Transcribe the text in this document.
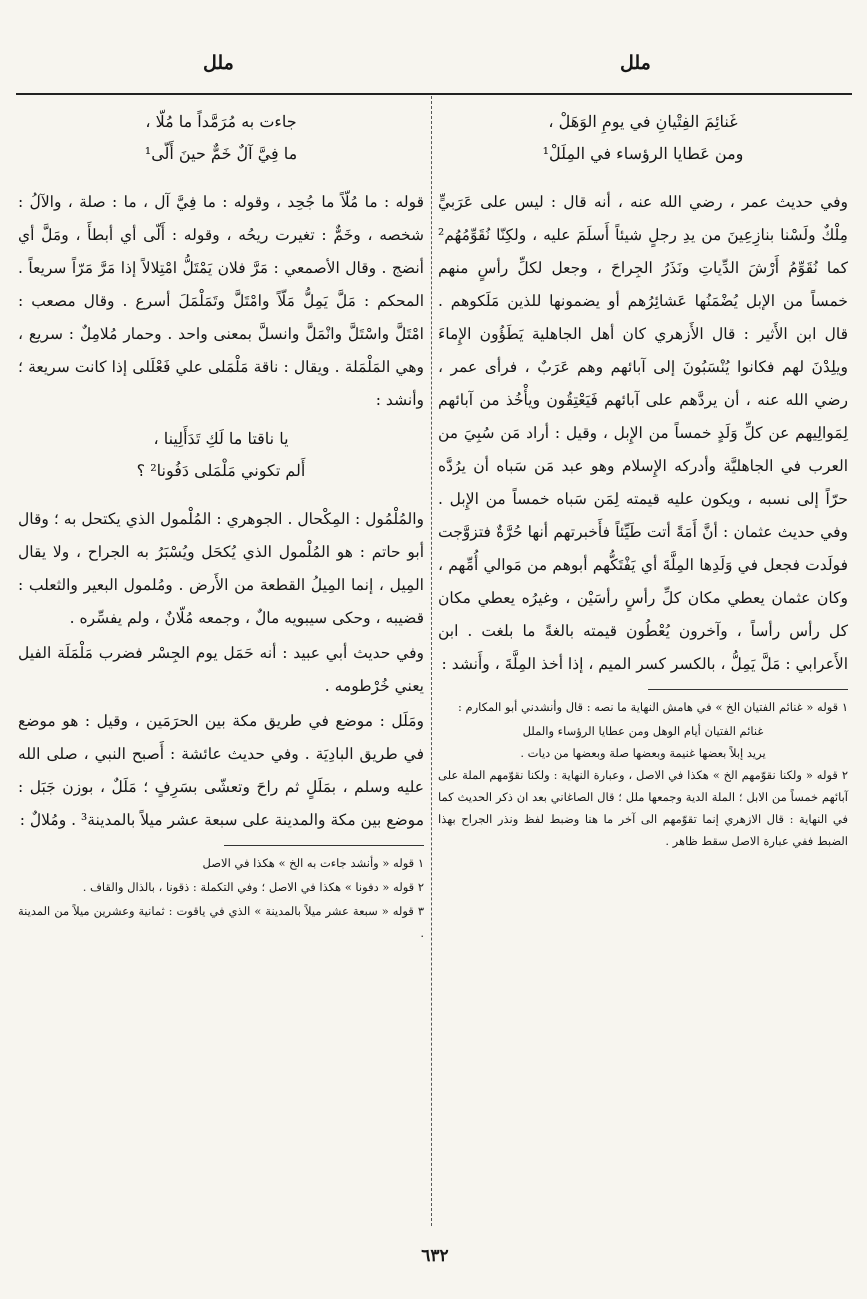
ملل
ملل
غَنائِمَ الفِتْيانِ في يومِ الوَهَلْ ،
ومن عَطايا الرؤساء في المِلَلْ¹

وفي حديث عمر ، رضي الله عنه ، أنه قال : ليس على عَرَبيٍّ مِلْكٌ ولَسْنا بنازِعِينَ من يدِ رجلٍ شيئاً أَسلَمَ عليه ، ولكِنّا نُقَوِّمُهُم² كما نُقَوِّمُ أَرْشَ الدِّياتِ ونَذَرُ الجِراحَ ، وجعل لكلِّ رأسٍ منهم خمساً من الإبل يُضْمَنُها عَشائِرُهم أو يضمونها للذين مَلَكوهم . قال ابن الأَثير : قال الأَزهري كان أهل الجاهلية يَطَؤُون الإِماءَ ويلِدْنَ لهم فكانوا يُنْسَبُونَ إلى آبائهم وهم عَرَبٌ ، فرأى عمر ، رضي الله عنه ، أن يردَّهم على آبائهم فَيَعْتِقُون ويأْخُذ من آبائهم لِمَوالِيهم عن كلِّ وَلَدٍ خمساً من الإِبل ، وقيل : أراد مَن سُبِيَ من العرب في الجاهليَّة وأدركه الإِسلام وهو عبد مَن سَباه أن يرُدَّه حرّاً إلى نسبه ، ويكون عليه قيمته لِمَن سَباه خمساً من الإِبل . وفي حديث عثمان : أنَّ أَمَةً أتت طَيِّئاً فأَخبرتهم أنها حُرَّةٌ فتزوَّجت فولَدت فجعل في وَلَدِها المِلَّةَ أي يَفْتَكُّهم أبوهم من مَوالي أُمِّهم ، وكان عثمان يعطي مكان كلِّ رأسٍ رأسَيْن ، وغيرُه يعطي مكان كل رأس رأساً ، وآخرون يُعْطُون قيمته بالغةً ما بلغت . ابن الأَعرابي : مَلَّ يَمِلُّ ، بالكسر كسر الميم ، إذا أخذ المِلَّةَ ، وأَنشد :

١ قوله « غنائم الفتيان الخ » في هامش النهاية ما نصه : قال وأنشدني أبو المكارم :

غنائم الفتيان أيام الوهل ومن عطايا الرؤساء والملل
يريد إبلاً بعضها غنيمة وبعضها صلة وبعضها من ديات .

٢ قوله « ولكنا نقوّمهم الخ » هكذا في الاصل ، وعبارة النهاية : ولكنا نقوّمهم الملة على آبائهم خمساً من الابل ؛ الملة الدية وجمعها ملل ؛ قال الصاغاني بعد ان ذكر الحديث كما في النهاية : قال الازهري إنما تقوّمهم الى آخر ما هنا وضبط لفظ ونذر الجراح بهذا الضبط ففي عبارة الاصل سقط ظاهر .

جاءت به مُرَمَّداً ما مُلّا ،
ما فِيَّ آلٌ خَمٌّ حينَ أَلّى¹

قوله : ما مُلّاً ما جُحِد ، وقوله : ما فِيَّ آل ، ما : صلة ، والآلُ : شخصه ، وخَمٌّ : تغيرت ريحُه ، وقوله : أَلّى أي أبطأَ ، ومَلَّ أي أنضج . وقال الأصمعي : مَرَّ فلان يَمْتَلُّ امْتِلالاً إذا مَرَّ مَرّاً سريعاً . المحكم : مَلَّ يَمِلُّ مَلّاً وامْتَلَّ وتَمَلْمَلَ أسرع . وقال مصعب : امْتَلَّ واسْتَلَّ وانْمَلَّ وانسلَّ بمعنى واحد . وحمار مُلامِلٌ : سريع ، وهي المَلْمَلة . ويقال : ناقة مَلْمَلى علي فَعْلَلى إذا كانت سريعة ؛ وأنشد :

يا ناقتا ما لَكِ تَدَأَلِينا ،
أَلم تكوني مَلْمَلى دَفُونا² ؟

والمُلْمُول : المِكْحال . الجوهري : المُلْمول الذي يكتحل به ؛ وقال أبو حاتم : هو المُلْمول الذي يُكحَل ويُسْبَرُ به الجراح ، ولا يقال المِيل ، إنما المِيلُ القطعة من الأَرض . ومُلمول البعير والثعلب : قضيبه ، وحكى سيبويه مالٌ ، وجمعه مُلّانٌ ، ولم يفسِّره .

وفي حديث أبي عبيد : أنه حَمَل يوم الجِسْر فضرب مَلْمَلَة الفيل يعني خُرْطومه .

ومَلَل : موضع في طريق مكة بين الحرَمَين ، وقيل : هو موضع في طريق البادِيَة . وفي حديث عائشة : أَصبح النبي ، صلى الله عليه وسلم ، بمَلَلٍ ثم راحَ وتعشّى بسَرِفٍ ؛ مَلَلٌ ، بوزن جَبَل : موضع بين مكة والمدينة على سبعة عشر ميلاً بالمدينة³ . ومُلالٌ :

١ قوله « وأنشد جاءت به الخ » هكذا في الاصل

٢ قوله « دفونا » هكذا في الاصل ؛ وفي التكملة : ذقونا ، بالذال والقاف .

٣ قوله « سبعة عشر ميلاً بالمدينة » الذي في ياقوت : ثمانية وعشرين ميلاً من المدينة .

٦٣٢
